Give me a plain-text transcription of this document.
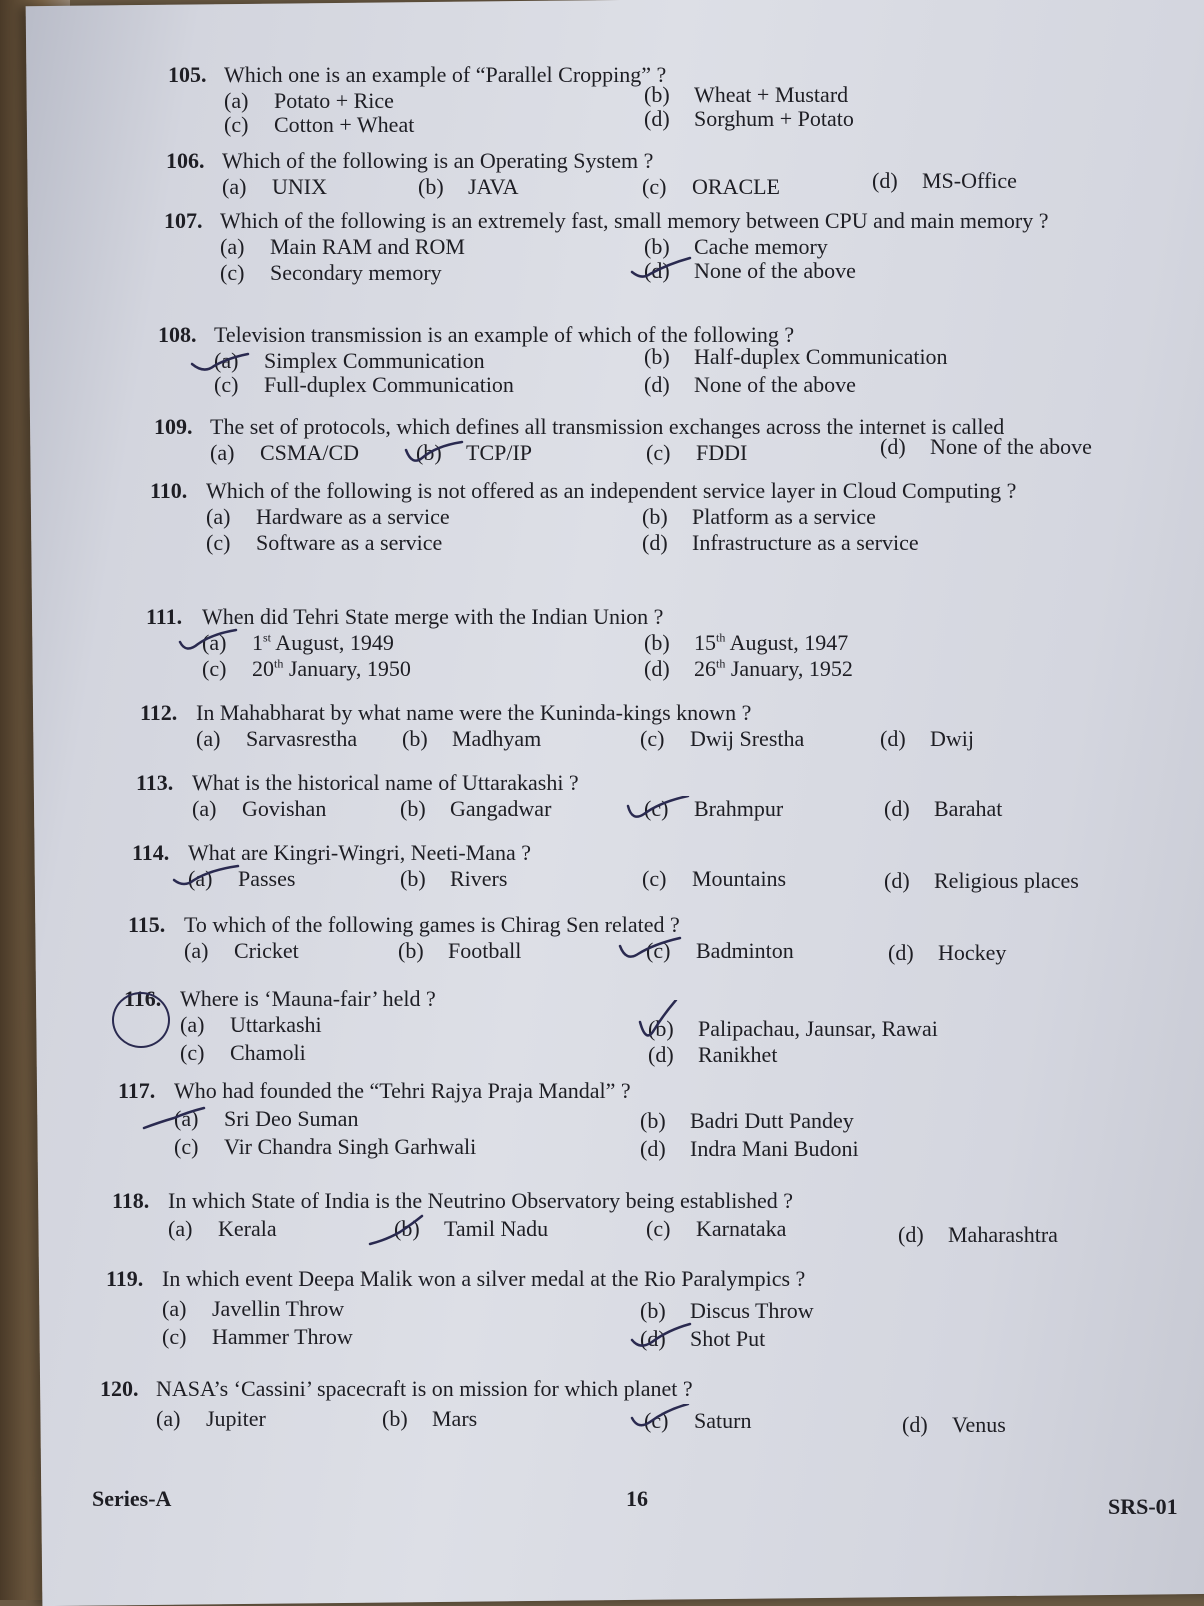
105. Which one is an example of “Parallel Cropping” ?
(a) Potato + Rice	(b) Wheat + Mustard
(c) Cotton + Wheat	(d) Sorghum + Potato
106. Which of the following is an Operating System ?
(a) UNIX	(b) JAVA	(c) ORACLE	(d) MS-Office
107. Which of the following is an extremely fast, small memory between CPU and main memory ?
(a) Main RAM and ROM	(b) Cache memory
(c) Secondary memory	(d) None of the above
108. Television transmission is an example of which of the following ?
(a) Simplex Communication	(b) Half-duplex Communication
(c) Full-duplex Communication	(d) None of the above
109. The set of protocols, which defines all transmission exchanges across the internet is called
(a) CSMA/CD	(b) TCP/IP	(c) FDDI	(d) None of the above
110. Which of the following is not offered as an independent service layer in Cloud Computing ?
(a) Hardware as a service	(b) Platform as a service
(c) Software as a service	(d) Infrastructure as a service
111. When did Tehri State merge with the Indian Union ?
(a) 1st August, 1949	(b) 15th August, 1947
(c) 20th January, 1950	(d) 26th January, 1952
112. In Mahabharat by what name were the Kuninda-kings known ?
(a) Sarvasrestha (b) Madhyam	(c) Dwij Srestha	(d) Dwij
113. What is the historical name of Uttarakashi ?
(a) Govishan	(b) Gangadwar	(c) Brahmpur	(d) Barahat
114. What are Kingri-Wingri, Neeti-Mana ?
(a) Passes	(b) Rivers	(c) Mountains	(d) Religious places
115. To which of the following games is Chirag Sen related ?
(a) Cricket	(b) Football	(c) Badminton	(d) Hockey
116. Where is ‘Mauna-fair’ held ?
(a) Uttarkashi	(b) Palipachau, Jaunsar, Rawai
(c) Chamoli	(d) Ranikhet
117. Who had founded the “Tehri Rajya Praja Mandal” ?
(a) Sri Deo Suman	(b) Badri Dutt Pandey
(c) Vir Chandra Singh Garhwali	(d) Indra Mani Budoni
118. In which State of India is the Neutrino Observatory being established ?
(a) Kerala	(b) Tamil Nadu	(c) Karnataka	(d) Maharashtra
119. In which event Deepa Malik won a silver medal at the Rio Paralympics ?
(a) Javellin Throw	(b) Discus Throw
(c) Hammer Throw	(d) Shot Put
120. NASA’s ‘Cassini’ spacecraft is on mission for which planet ?
(a) Jupiter	(b) Mars	(c) Saturn	(d) Venus
Series-A	16	SRS-01
